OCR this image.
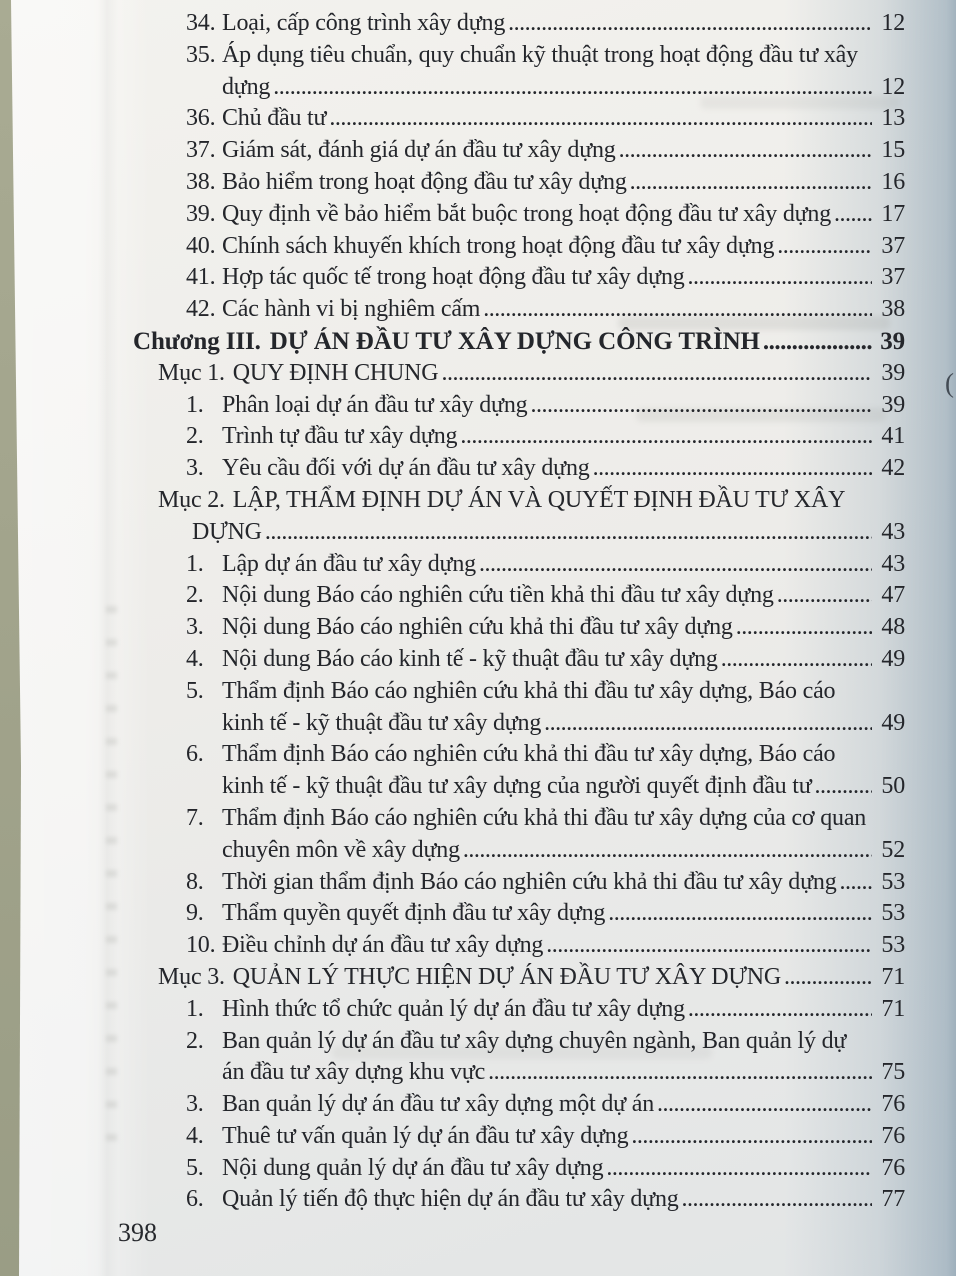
34. Loại, cấp công trình xây dựng .....	12
35. Áp dụng tiêu chuẩn, quy chuẩn kỹ thuật trong hoạt động đầu tư xây
dựng .....	12
36. Chủ đầu tư .....	13
37. Giám sát, đánh giá dự án đầu tư xây dựng .....	15
38. Bảo hiểm trong hoạt động đầu tư xây dựng .....	16
39. Quy định về bảo hiểm bắt buộc trong hoạt động đầu tư xây dựng ..... 17
40. Chính sách khuyến khích trong hoạt động đầu tư xây dựng .....	37
41. Hợp tác quốc tế trong hoạt động đầu tư xây dựng .....	37
42. Các hành vi bị nghiêm cấm .....	38
Chương III. DỰ ÁN ĐẦU TƯ XÂY DỰNG CÔNG TRÌNH .....	39
Mục 1. QUY ĐỊNH CHUNG .....	39
1. Phân loại dự án đầu tư xây dựng .....	39
2. Trình tự đầu tư xây dựng .....	41
3. Yêu cầu đối với dự án đầu tư xây dựng .....	42
Mục 2. LẬP, THẨM ĐỊNH DỰ ÁN VÀ QUYẾT ĐỊNH ĐẦU TƯ XÂY
DỰNG .....	43
1. Lập dự án đầu tư xây dựng .....	43
2. Nội dung Báo cáo nghiên cứu tiền khả thi đầu tư xây dựng .....	47
3. Nội dung Báo cáo nghiên cứu khả thi đầu tư xây dựng .....	48
4. Nội dung Báo cáo kinh tế - kỹ thuật đầu tư xây dựng .....	49
5. Thẩm định Báo cáo nghiên cứu khả thi đầu tư xây dựng, Báo cáo
kinh tế - kỹ thuật đầu tư xây dựng .....	49
6. Thẩm định Báo cáo nghiên cứu khả thi đầu tư xây dựng, Báo cáo
kinh tế - kỹ thuật đầu tư xây dựng của người quyết định đầu tư .....	50
7. Thẩm định Báo cáo nghiên cứu khả thi đầu tư xây dựng của cơ quan
chuyên môn về xây dựng .....	52
8. Thời gian thẩm định Báo cáo nghiên cứu khả thi đầu tư xây dựng ..... 53
9. Thẩm quyền quyết định đầu tư xây dựng .....	53
10. Điều chỉnh dự án đầu tư xây dựng .....	53
Mục 3. QUẢN LÝ THỰC HIỆN DỰ ÁN ĐẦU TƯ XÂY DỰNG .....	71
1. Hình thức tổ chức quản lý dự án đầu tư xây dựng .....	71
2. Ban quản lý dự án đầu tư xây dựng chuyên ngành, Ban quản lý dự
án đầu tư xây dựng khu vực .....	75
3. Ban quản lý dự án đầu tư xây dựng một dự án .....	76
4. Thuê tư vấn quản lý dự án đầu tư xây dựng .....	76
5. Nội dung quản lý dự án đầu tư xây dựng .....	76
6. Quản lý tiến độ thực hiện dự án đầu tư xây dựng .....	77
398
(
